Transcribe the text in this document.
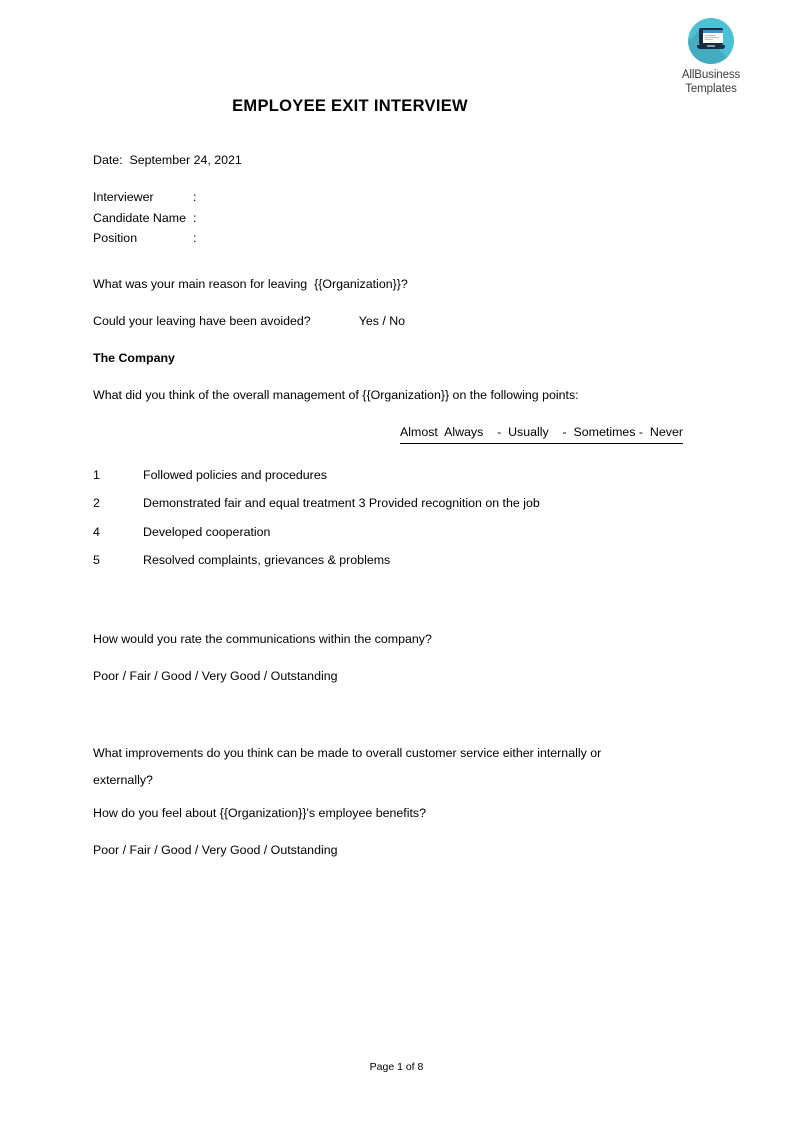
AllBusiness
Templates
EMPLOYEE EXIT INTERVIEW
Date: September 24, 2021
Interviewer	:
Candidate Name :
Position	:
What was your main reason for leaving  {{Organization}}?
Could your leaving have been avoided?	Yes / No
The Company
What did you think of the overall management of {{Organization}} on the following points:
Almost  Always    -  Usually    -  Sometimes -  Never
1	Followed policies and procedures
2	Demonstrated fair and equal treatment 3 Provided recognition on the job
4	Developed cooperation
5	Resolved complaints, grievances & problems
How would you rate the communications within the company?
Poor / Fair / Good / Very Good / Outstanding
What improvements do you think can be made to overall customer service either internally or externally?
How do you feel about {{Organization}}'s employee benefits?
Poor / Fair / Good / Very Good / Outstanding
Page 1 of 8
